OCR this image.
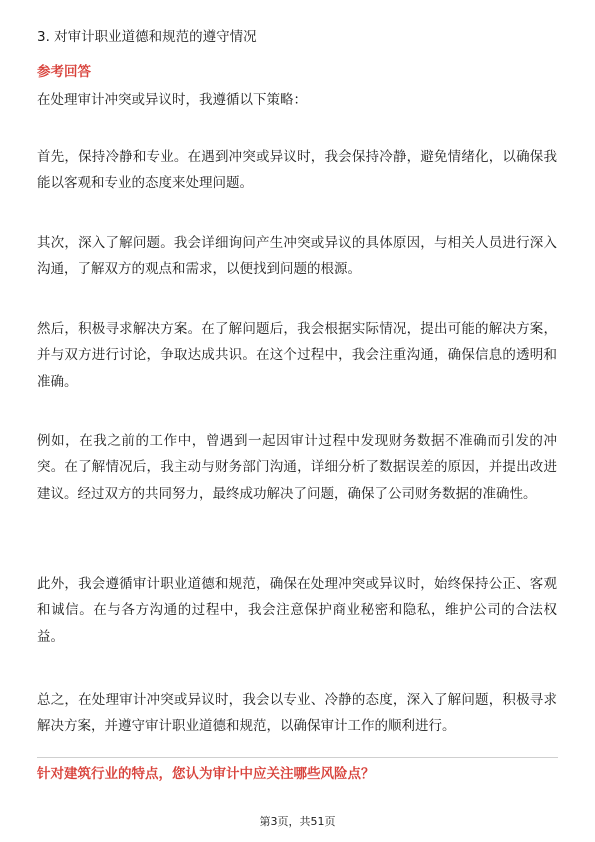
3. 对审计职业道德和规范的遵守情况
参考回答

在处理审计冲突或异议时，我遵循以下策略：

首先，保持冷静和专业。在遇到冲突或异议时，我会保持冷静，避免情绪化，以确保我能以客观和专业的态度来处理问题。

其次，深入了解问题。我会详细询问产生冲突或异议的具体原因，与相关人员进行深入沟通，了解双方的观点和需求，以便找到问题的根源。

然后，积极寻求解决方案。在了解问题后，我会根据实际情况，提出可能的解决方案，并与双方进行讨论，争取达成共识。在这个过程中，我会注重沟通，确保信息的透明和准确。

例如，在我之前的工作中，曾遇到一起因审计过程中发现财务数据不准确而引发的冲突。在了解情况后，我主动与财务部门沟通，详细分析了数据误差的原因，并提出改进建议。经过双方的共同努力，最终成功解决了问题，确保了公司财务数据的准确性。

此外，我会遵循审计职业道德和规范，确保在处理冲突或异议时，始终保持公正、客观和诚信。在与各方沟通的过程中，我会注意保护商业秘密和隐私，维护公司的合法权益。

总之，在处理审计冲突或异议时，我会以专业、冷静的态度，深入了解问题，积极寻求解决方案，并遵守审计职业道德和规范，以确保审计工作的顺利进行。

针对建筑行业的特点，您认为审计中应关注哪些风险点？
第3页，共51页
